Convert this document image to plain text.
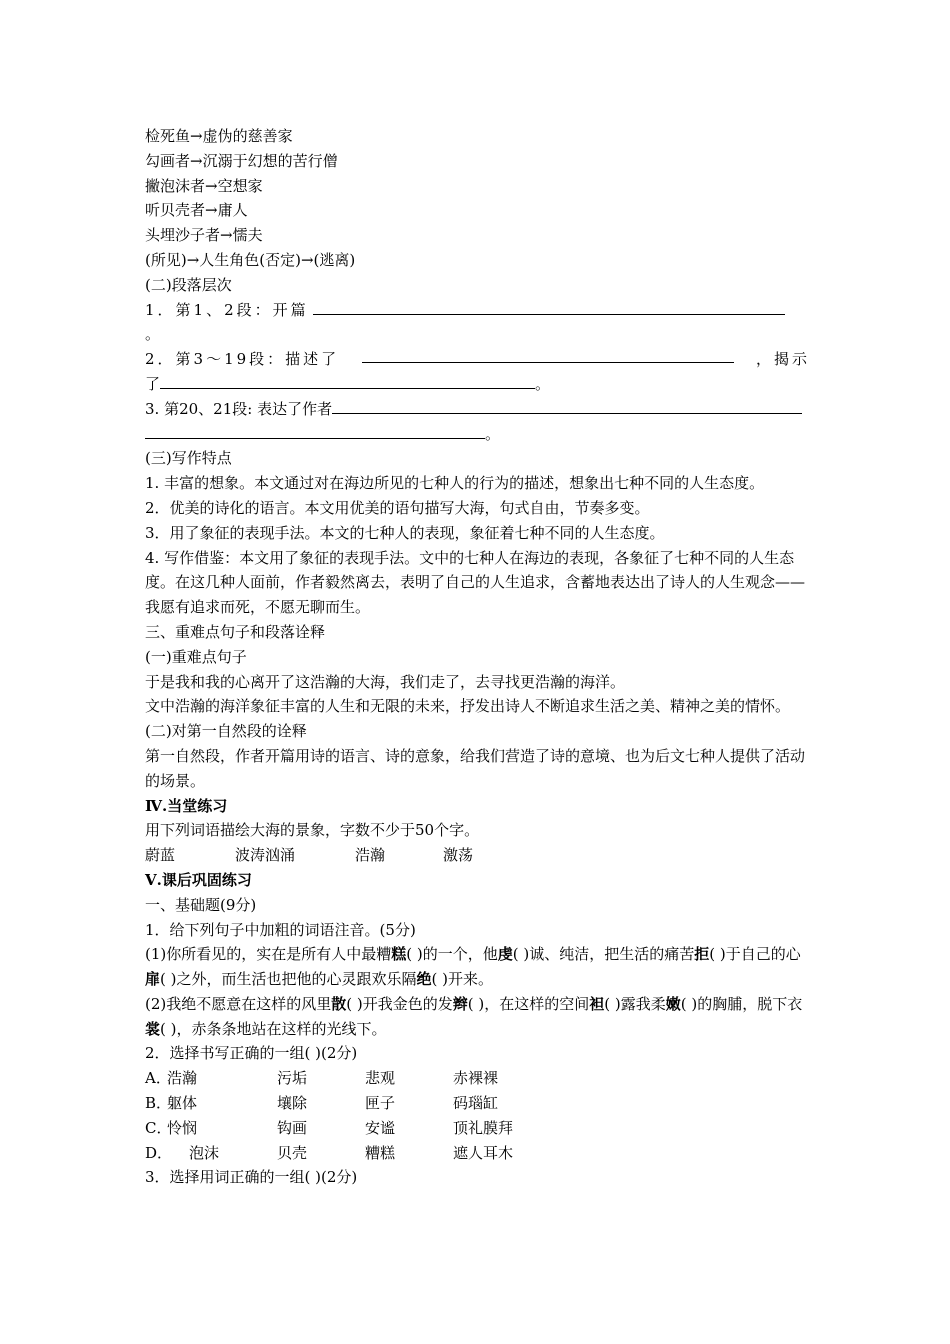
检死鱼→虚伪的慈善家
勾画者→沉溺于幻想的苦行僧
撇泡沫者→空想家
听贝壳者→庸人
头埋沙子者→懦夫
(所见)→人生角色(否定)→(逃离)
(二)段落层次
1．第1、2段：开篇
。
2．第3～19段：描述了	，揭示
了	。
3. 第20、21段: 表达了作者
。
(三)写作特点
1. 丰富的想象。本文通过对在海边所见的七种人的行为的描述，想象出七种不同的人生态度。
2．优美的诗化的语言。本文用优美的语句描写大海，句式自由，节奏多变。
3．用了象征的表现手法。本文的七种人的表现，象征着七种不同的人生态度。
4. 写作借鉴：本文用了象征的表现手法。文中的七种人在海边的表现，各象征了七种不同的人生态度。在这几种人面前，作者毅然离去，表明了自己的人生追求，含蓄地表达出了诗人的人生观念——我愿有追求而死，不愿无聊而生。
三、重难点句子和段落诠释
(一)重难点句子
于是我和我的心离开了这浩瀚的大海，我们走了，去寻找更浩瀚的海洋。
文中浩瀚的海洋象征丰富的人生和无限的未来，抒发出诗人不断追求生活之美、精神之美的情怀。
(二)对第一自然段的诠释
第一自然段，作者开篇用诗的语言、诗的意象，给我们营造了诗的意境、也为后文七种人提供了活动的场景。
Ⅳ.当堂练习
用下列词语描绘大海的景象，字数不少于50个字。
蔚蓝	波涛汹涌	浩瀚	激荡
Ⅴ.课后巩固练习
一、基础题(9分)
1．给下列句子中加粗的词语注音。(5分)
(1)你所看见的，实在是所有人中最糟糕( )的一个，他虔( )诚、纯洁，把生活的痛苦拒( )于自己的心扉( )之外，而生活也把他的心灵跟欢乐隔绝( )开来。
(2)我绝不愿意在这样的风里散( )开我金色的发辫( )，在这样的空间袒( )露我柔嫩( )的胸脯，脱下衣裳( )，赤条条地站在这样的光线下。
2．选择书写正确的一组( )(2分)
A．
浩瀚	污垢	悲观	赤裸裸
B．
躯体	壤除	匣子	码瑙缸
C．
怜悯	钩画	安谧	顶礼膜拜
D．	泡沫	贝壳	糟糕	遮人耳木
3．选择用词正确的一组( )(2分)
